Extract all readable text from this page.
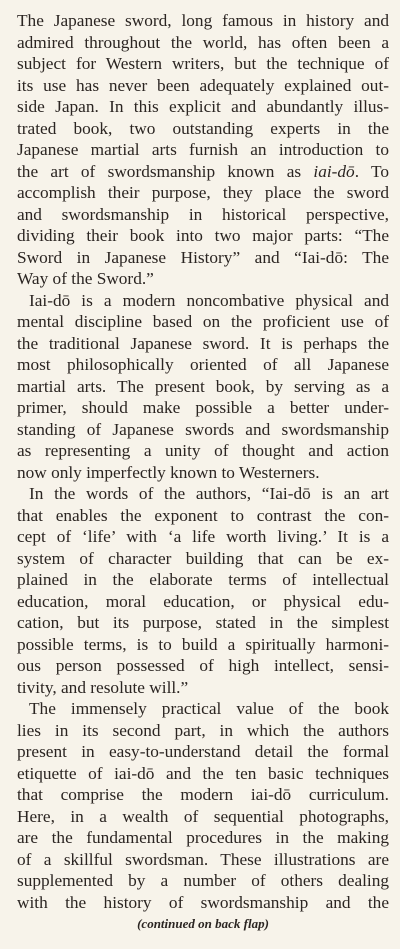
The Japanese sword, long famous in history and
admired throughout the world, has often been a
subject for Western writers, but the technique of
its use has never been adequately explained out-
side Japan. In this explicit and abundantly illus-
trated book, two outstanding experts in the
Japanese martial arts furnish an introduction to
the art of swordsmanship known as iai-dō. To
accomplish their purpose, they place the sword
and swordsmanship in historical perspective,
dividing their book into two major parts: “The
Sword in Japanese History” and “Iai-dō: The
Way of the Sword.”
Iai-dō is a modern noncombative physical and
mental discipline based on the proficient use of
the traditional Japanese sword. It is perhaps the
most philosophically oriented of all Japanese
martial arts. The present book, by serving as a
primer, should make possible a better under-
standing of Japanese swords and swordsmanship
as representing a unity of thought and action
now only imperfectly known to Westerners.
In the words of the authors, “Iai-dō is an art
that enables the exponent to contrast the con-
cept of ‘life’ with ‘a life worth living.’ It is a
system of character building that can be ex-
plained in the elaborate terms of intellectual
education, moral education, or physical edu-
cation, but its purpose, stated in the simplest
possible terms, is to build a spiritually harmoni-
ous person possessed of high intellect, sensi-
tivity, and resolute will.”
The immensely practical value of the book
lies in its second part, in which the authors
present in easy-to-understand detail the formal
etiquette of iai-dō and the ten basic techniques
that comprise the modern iai-dō curriculum.
Here, in a wealth of sequential photographs,
are the fundamental procedures in the making
of a skillful swordsman. These illustrations are
supplemented by a number of others dealing
with the history of swordsmanship and the
(continued on back flap)
